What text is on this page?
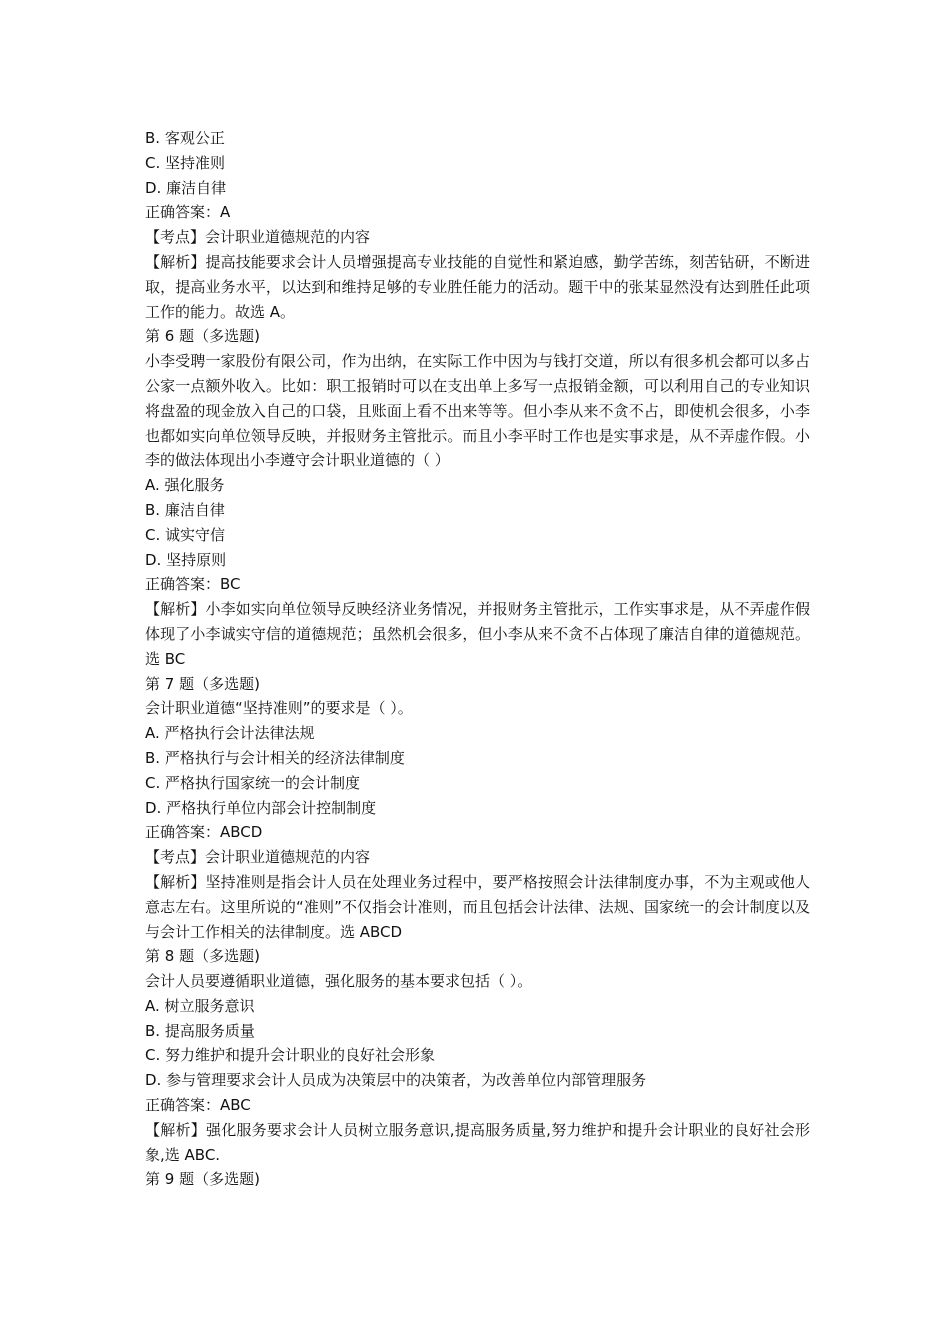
B. 客观公正
C. 坚持准则
D. 廉洁自律
正确答案：A
【考点】会计职业道德规范的内容
【解析】提高技能要求会计人员增强提高专业技能的自觉性和紧迫感，勤学苦练，刻苦钻研，不断进取，提高业务水平，以达到和维持足够的专业胜任能力的活动。题干中的张某显然没有达到胜任此项工作的能力。故选 A。
第 6 题（多选题)
小李受聘一家股份有限公司，作为出纳，在实际工作中因为与钱打交道，所以有很多机会都可以多占公家一点额外收入。比如：职工报销时可以在支出单上多写一点报销金额，可以利用自己的专业知识将盘盈的现金放入自己的口袋，且账面上看不出来等等。但小李从来不贪不占，即使机会很多，小李也都如实向单位领导反映，并报财务主管批示。而且小李平时工作也是实事求是，从不弄虚作假。小李的做法体现出小李遵守会计职业道德的（ ）
A. 强化服务
B. 廉洁自律
C. 诚实守信
D. 坚持原则
正确答案：BC
【解析】小李如实向单位领导反映经济业务情况，并报财务主管批示，工作实事求是，从不弄虚作假体现了小李诚实守信的道德规范；虽然机会很多，但小李从来不贪不占体现了廉洁自律的道德规范。选 BC
第 7 题（多选题)
会计职业道德“坚持准则”的要求是（ ）。
A. 严格执行会计法律法规
B. 严格执行与会计相关的经济法律制度
C. 严格执行国家统一的会计制度
D. 严格执行单位内部会计控制制度
正确答案：ABCD
【考点】会计职业道德规范的内容
【解析】坚持准则是指会计人员在处理业务过程中，要严格按照会计法律制度办事，不为主观或他人意志左右。这里所说的“准则”不仅指会计准则，而且包括会计法律、法规、国家统一的会计制度以及与会计工作相关的法律制度。选 ABCD
第 8 题（多选题)
会计人员要遵循职业道德，强化服务的基本要求包括（ ）。
A. 树立服务意识
B. 提高服务质量
C. 努力维护和提升会计职业的良好社会形象
D. 参与管理要求会计人员成为决策层中的决策者，为改善单位内部管理服务
正确答案：ABC
【解析】强化服务要求会计人员树立服务意识,提高服务质量,努力维护和提升会计职业的良好社会形象,选 ABC.
第 9 题（多选题)
